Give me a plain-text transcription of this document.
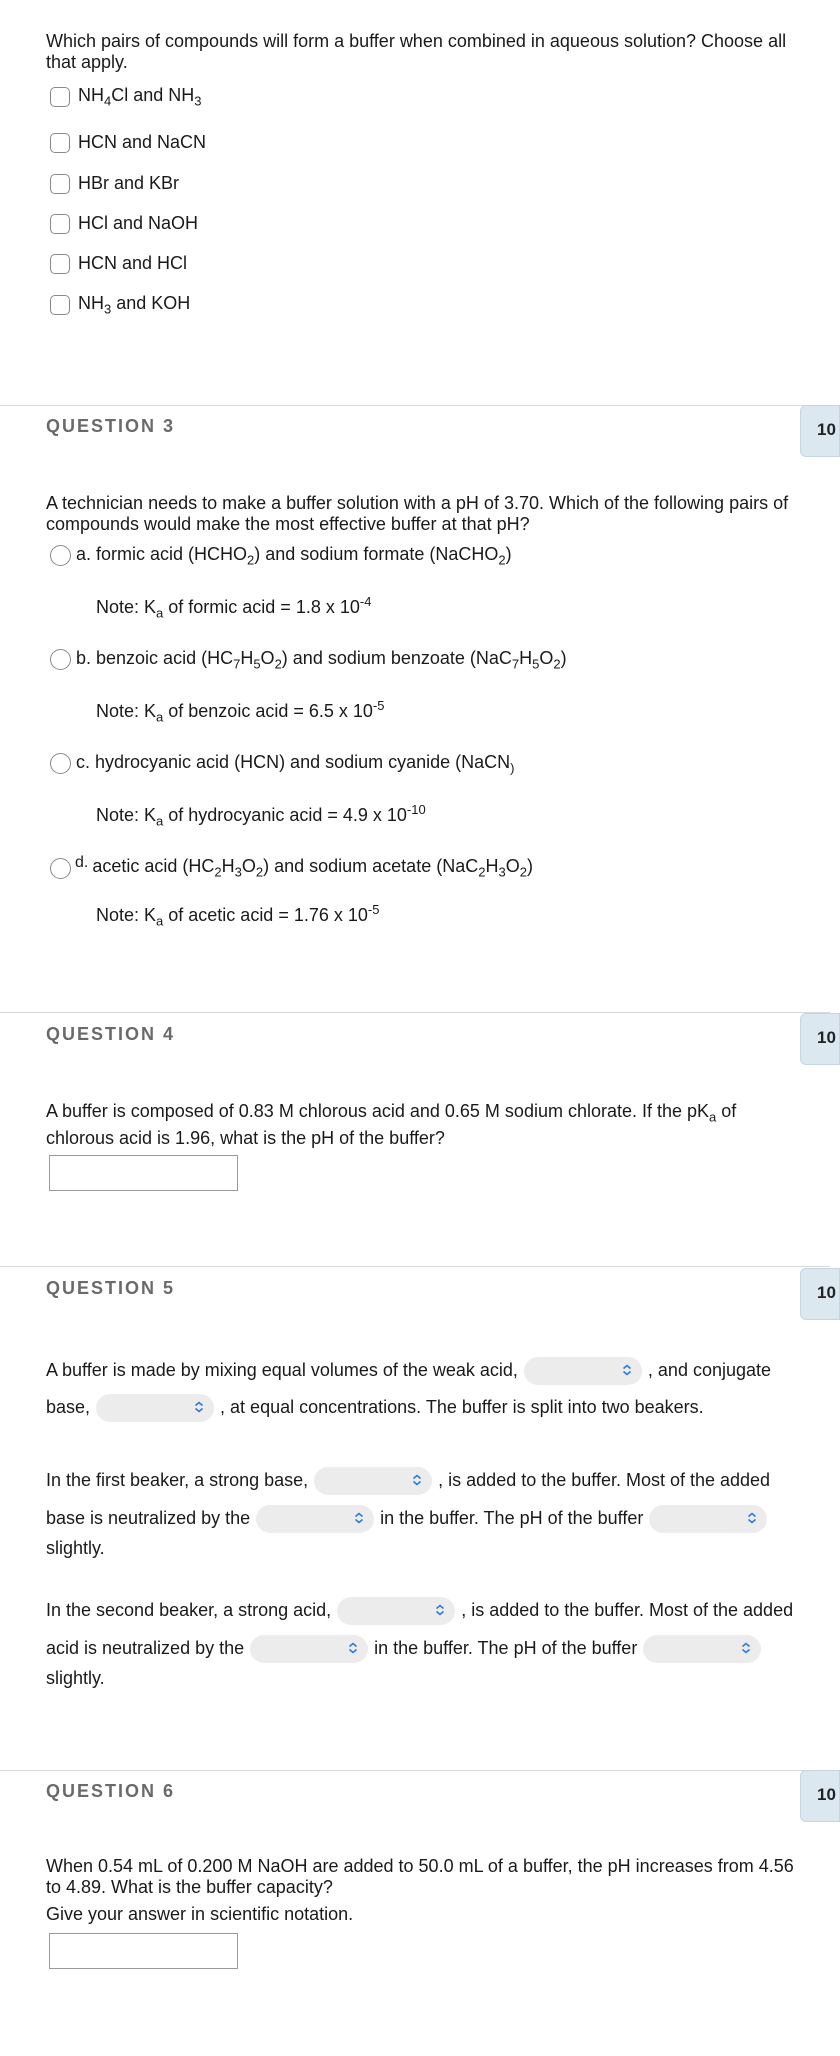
Which pairs of compounds will form a buffer when combined in aqueous solution? Choose all that apply.
$NH_4Cl$ and $NH_3$
HCN and NaCN
HBr and KBr
HCl and NaOH
HCN and HCl
$NH_3$ and KOH
QUESTION 3	10
A technician needs to make a buffer solution with a pH of 3.70. Which of the following pairs of compounds would make the most effective buffer at that pH?
a. formic acid $(HCHO_2)$ and sodium formate (NaCHO$_2$)
Note: $K_a$ of formic acid = 1.8 x $10^{-4}$
b. benzoic acid $(HC_7H_5O_2)$ and sodium benzoate $(NaC_7H_5O_2)$
Note: $K_a$ of benzoic acid = 6.5 x $10^{-5}$
c. hydrocyanic acid (HCN) and sodium cyanide (NaCN$_)$
Note: $K_a$ of hydrocyanic acid = 4.9 x $10^{-10}$
d. acetic acid $(HC_2H_3O_2)$ and sodium acetate $(NaC_2H_3O_2)$
Note: $K_a$ of acetic acid = 1.76 x $10^{-5}$
QUESTION 4	10
A buffer is composed of 0.83 M chlorous acid and 0.65 M sodium chlorate. If the $pK_a$ of chlorous acid is 1.96, what is the pH of the buffer?
QUESTION 5	10
A buffer is made by mixing equal volumes of the weak acid,	, and conjugate
base,	, at equal concentrations. The buffer is split into two beakers.
In the first beaker, a strong base,	, is added to the buffer. Most of the added
base is neutralized by the	in the buffer. The pH of the buffer
slightly.
In the second beaker, a strong acid,	, is added to the buffer. Most of the added
acid is neutralized by the	in the buffer. The pH of the buffer
slightly.
QUESTION 6	10
When 0.54 mL of 0.200 M NaOH are added to 50.0 mL of a buffer, the pH increases from 4.56 to 4.89. What is the buffer capacity?
Give your answer in scientific notation.
